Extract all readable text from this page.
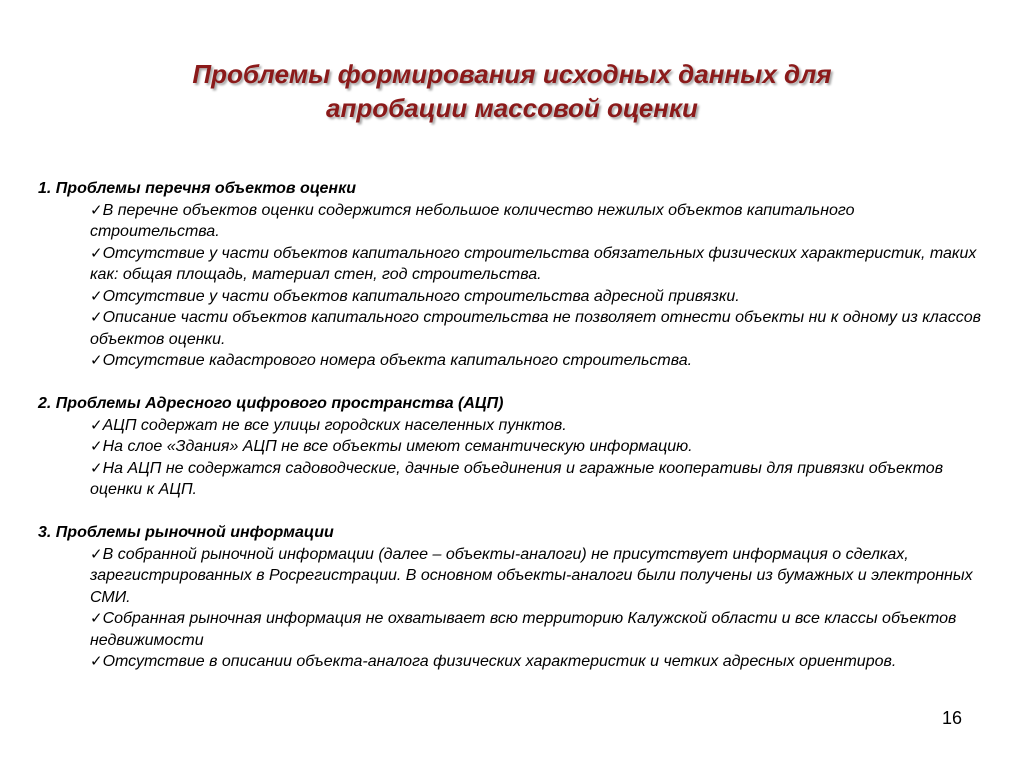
Проблемы формирования исходных данных для
апробации массовой оценки

1. Проблемы перечня объектов оценки

✓В перечне объектов оценки содержится небольшое количество нежилых объектов капитального строительства.
✓Отсутствие у части объектов капитального строительства обязательных физических характеристик, таких как: общая площадь, материал стен, год строительства.
✓Отсутствие у части объектов капитального строительства адресной привязки.
✓Описание части объектов капитального строительства не позволяет отнести объекты ни к одному из классов объектов оценки.
✓Отсутствие кадастрового номера объекта капитального строительства.

2. Проблемы Адресного цифрового пространства (АЦП)

✓АЦП содержат не все улицы городских населенных пунктов.
✓На слое «Здания» АЦП не все объекты имеют семантическую информацию.
✓На АЦП не содержатся садоводческие, дачные объединения и гаражные кооперативы для привязки объектов оценки к АЦП.

3. Проблемы рыночной информации

✓В собранной рыночной информации (далее – объекты-аналоги) не присутствует информация о сделках, зарегистрированных в Росрегистрации. В основном объекты-аналоги были получены из бумажных и электронных СМИ.
✓Собранная рыночная информация не охватывает всю территорию Калужской области и все классы объектов недвижимости
✓Отсутствие в описании объекта-аналога физических характеристик и четких адресных ориентиров.
16
